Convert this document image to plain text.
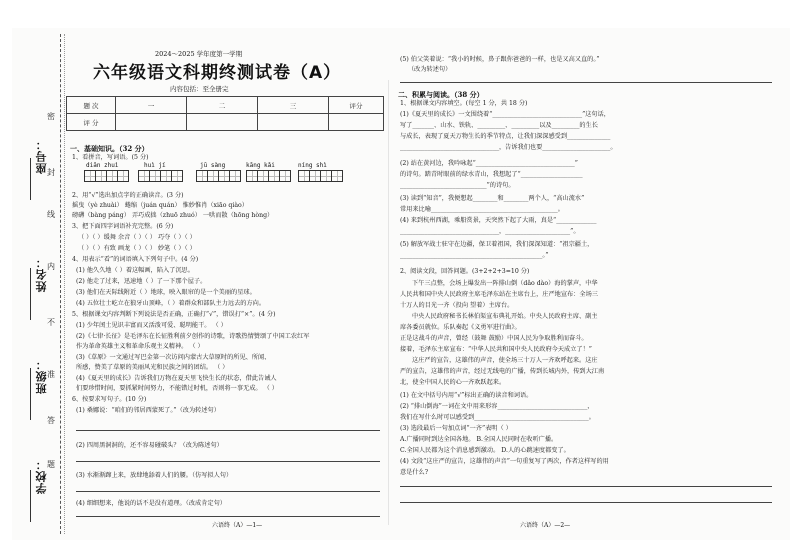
座号：
姓名：
班级：
学校：
密
封
线
内
不
准
答
题
2024～2025 学年度第一学期
六年级语文科期终测试卷（A）
内容包括：至全册完
题 次	一	二	三	评分
评 分				
一、基础知识。（32 分）
1、看拼音，写词语。(5 分)
diān zhuì	huì jí	jū sàng	kāng kǎi	níng shì
2、用“√”选出加点字的正确读音。(3 分)
摇曳（yè zhuài） 蜷缩（juán quán） 惟妙惟肖（xiāo qiào）
磅礴（bàng páng） 弄巧成拙（zhuō zhuó） 一哄而散（hōng hòng）
3、把下面四字词语补充完整。(6 分)
（ ）（ ）缓舞 余音（ ）（ ） 巧夺（ ）（ ）
（ ）（ ）有致 画龙（ ）（ ） 妙笔（ ）（ ）
4、用表示“看”的词语填入下列句子中。(4 分)
(1) 他久久地（ ）着这幅画，陷入了沉思。
(2) 他走了过来，迅速地（ ）了一下那个屋子。
(3) 他们在天际线附近（ ）地球，映入眼帘的是一个美丽的星球。
(4) 五位壮士屹立在狼牙山顶峰，（ ）着群众和部队主力远去的方向。
5、根据课文内容判断下列说法是否正确，正确打“√”，错误打“×”。(4 分)
(1) 少年闰土见识丰富而又活泼可爱、聪明能干。 （ ）
(2)《七律·长征》是毛泽东在长征胜利前夕创作的诗歌，诗歌热情赞颂了中国工农红军
作为革命英雄主义和革命乐观主义精神。 （ ）
(3)《草原》一文通过写巴金第一次访问内蒙古大草原时的所见、所闻、
所感，赞美了草原的美丽风光和民族之间的团结。 （ ）
(4)《夏天里的成长》告诉我们万物在夏天里飞快生长的状态，借此告诫人
们要珍惜时间，要抓紧时间努力，不能错过时机，否则将一事无成。 （ ）
6、按要求写句子。(10 分)
(1) 桑娜说：“咱们的邻居西蒙死了。”（改为转述句）
(2) 四周黑洞洞的，还不容易碰破头？（改为陈述句）
(3) 水渐渐蹿上来，放肆地舔着人们的腰。（仿写拟人句）
(4) 细细想来，他说的话不是没有道理。（改成肯定句）
六语终（A）—1—
(5) 伯父笑着说：“我小的时候，鼻子跟你爸爸的一样，也是又高又直的。”
（改为转述句）
二、积累与阅读。（38 分）
1、根据课文内容填空。(每空 1 分，共 18 分)
(1)《夏天里的成长》一文围绕着“_____________________________”这句话，
写了_______、山水、铁轨、_________、_________以及_________的生长
与成长，表现了夏天万物生长的季节特点，让我们深深感受到______________
________________________________，告诉我们也要______________________。
(2) 站在黄河边，我吟咏起“________________________________”
的诗句。踏青时眼前的绿水青山，我想起了“____________________
____________________________”的诗句。
(3) 读到“知音”，我便想起________和________两个人，“高山流水”
常用来比喻_________________________________________。
(4) 来到杭州西湖，乘船赏景，天突然下起了大雨，真是“_____________
________________________________，_____________________”。
(5) 解放军战士驻守在边疆，保卫着祖国，我们深深知道：“祖宗疆土，
______________________________________________。”
2、阅读文段，回答问题。(3+2+2+3=10 分)
下午三点整，会场上爆发出一阵排山倒（dǎo dào）海的掌声，中华
人民共和国中央人民政府主席毛泽东站在主席台上，庄严地宣布：全场三
十万人的目光一齐（投向 望着）主席台。
中央人民政府秘书长林伯渠宣布典礼开始。中央人民政府主席、副主
席各委员就位。乐队奏起《义勇军进行曲》。
正是这战斗的声音，曾经（鼓舞 鼓励）中国人民为争取胜利而奋斗。
接着，毛泽东主席宣布：“中华人民共和国中央人民政府今天成立了！”
这庄严的宣告，这雄伟的声音，使全场三十万人一齐欢呼起来。这庄
严的宣告，这雄伟的声音，经过无线电的广播，传到长城内外，传到大江南
北，使全中国人民的心一齐欢跃起来。
(1) 在文中括号内用“√”标出正确的读音和词语。
(2) “排山倒海”一词在文中用来形容_____________________________，
我们在写什么时可以感受到_____________________________________。
(3) 选段最后一句加点词“一齐”表明（ ）
A.广播同时到达全国各地。 B.全国人民同时在收听广播。
C.全国人民都为这个消息感到激动。 D.人的心跳速度都变了。
(4) 文段“这庄严的宣告，这雄伟的声音”一句重复写了两次，作者这样写的用
意是什么?
六语终（A）—2—
